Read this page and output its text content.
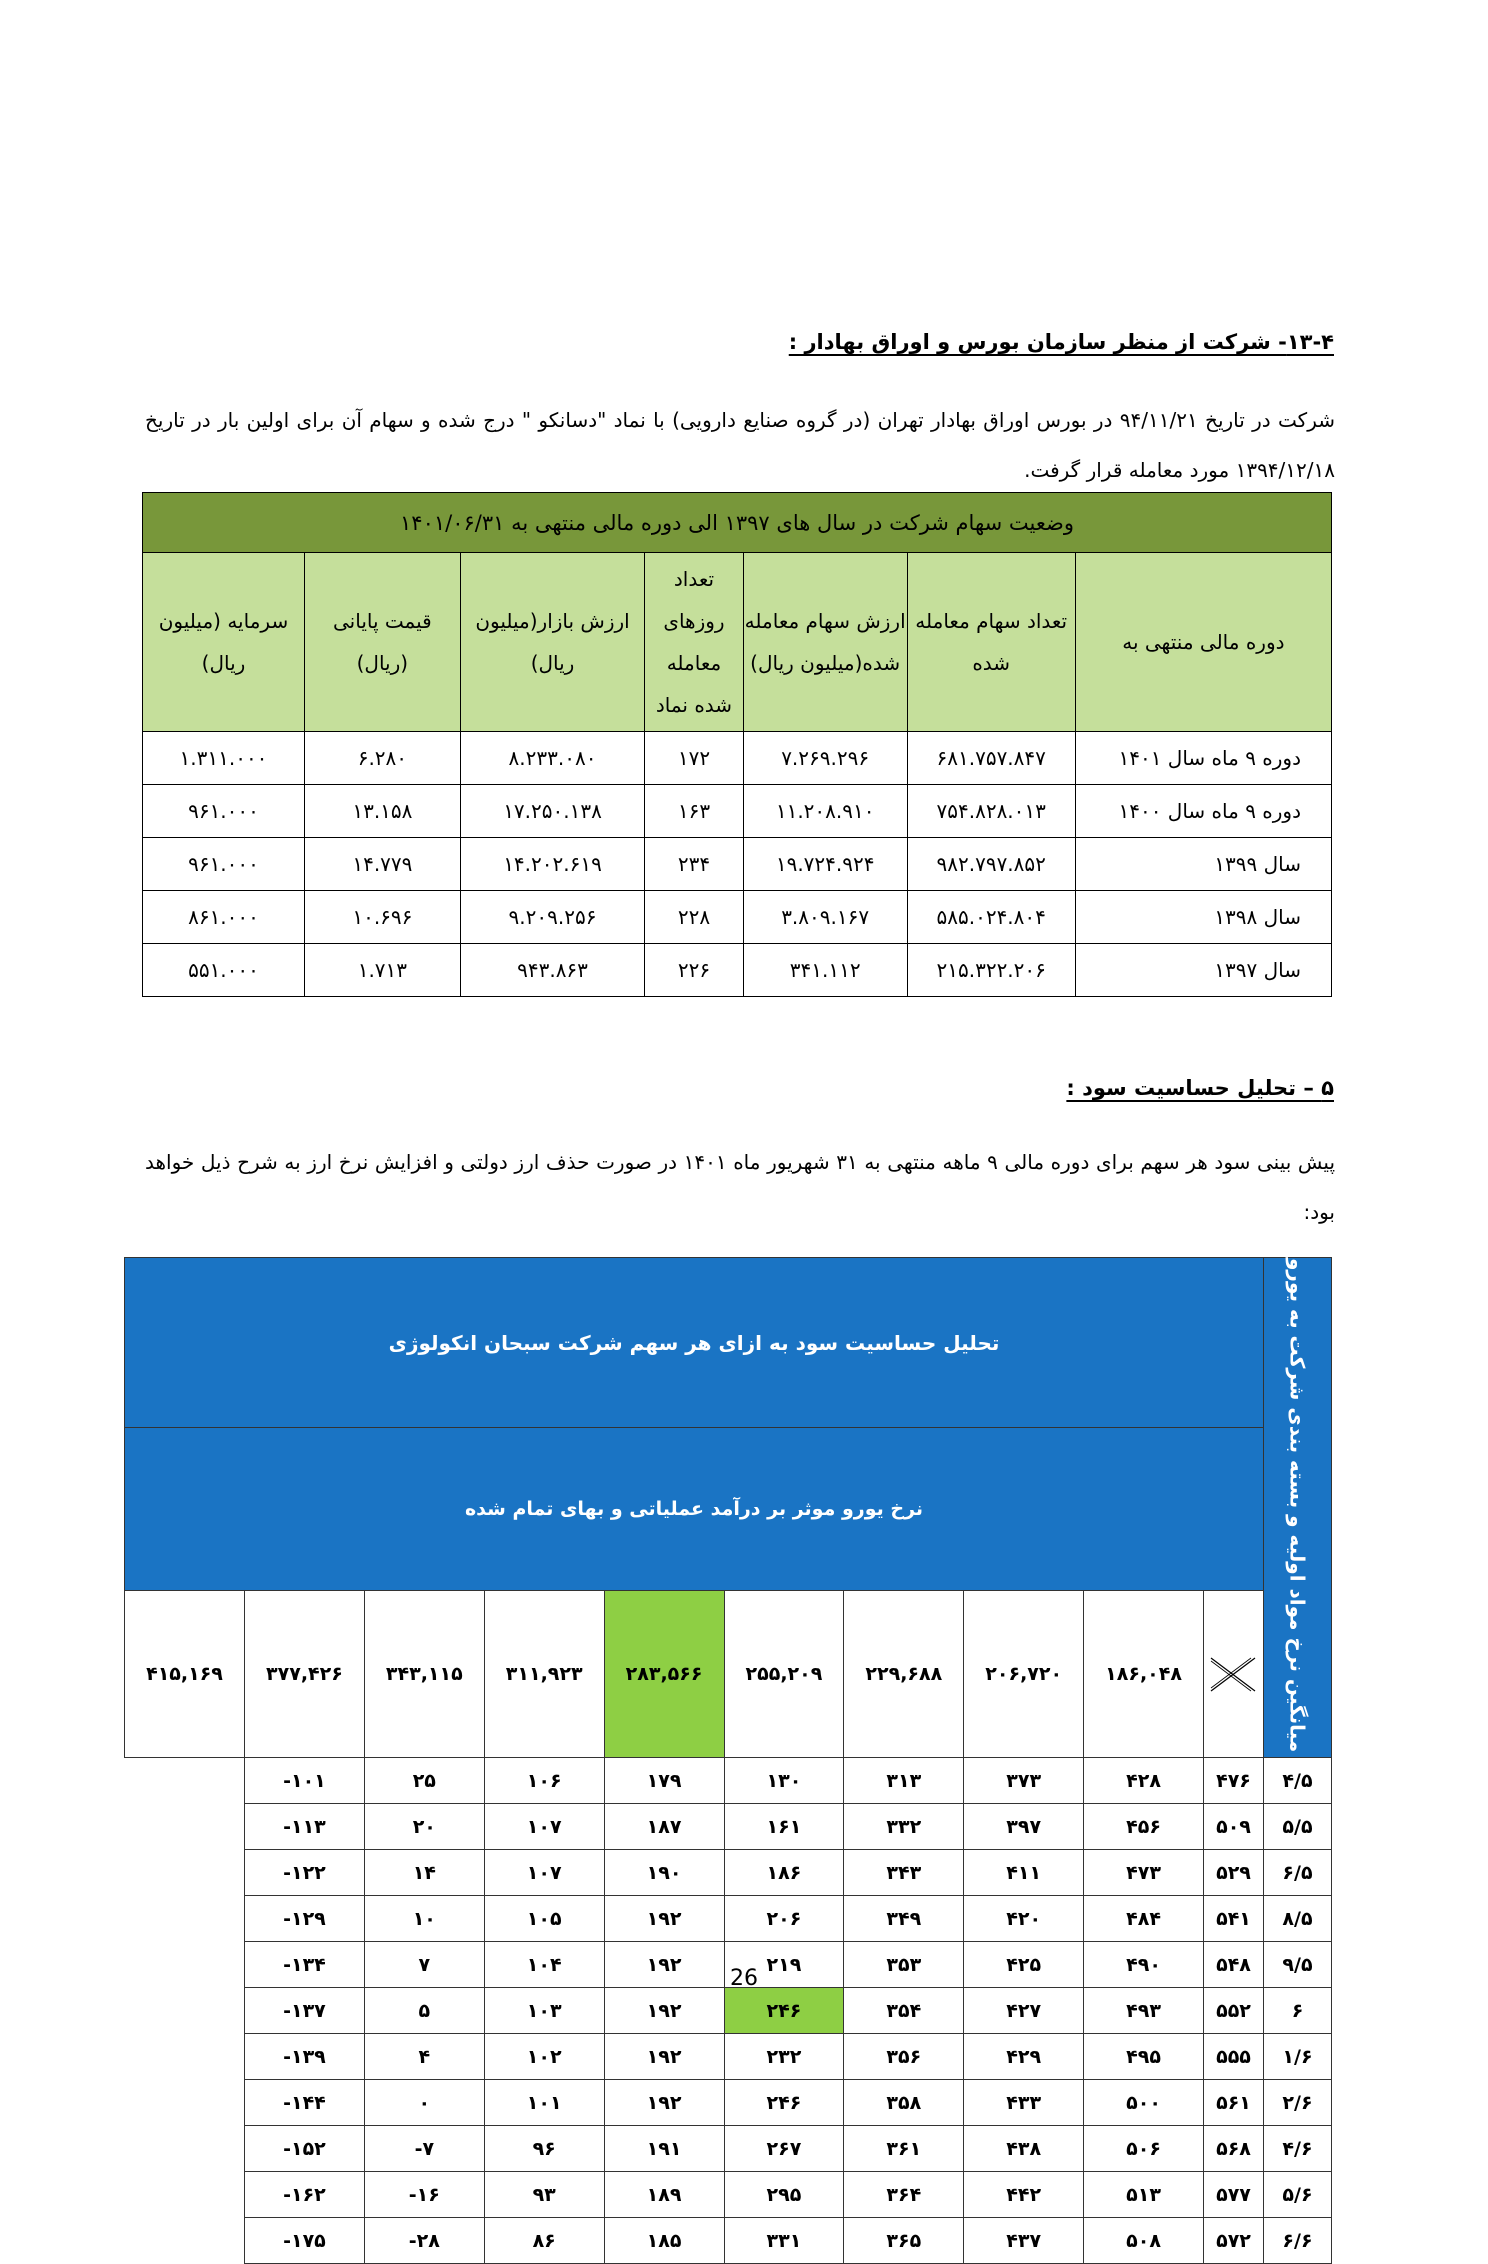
۱۳-۴- شرکت از منظر سازمان بورس و اوراق بهادار :
شرکت در تاریخ ۹۴/۱۱/۲۱ در بورس اوراق بهادار تهران (در گروه صنایع دارویی) با نماد "دسانکو " درج شده و سهام آن برای اولین بار در تاریخ ۱۳۹۴/۱۲/۱۸ مورد معامله قرار گرفت.
وضعیت سهام شرکت در سال های ۱۳۹۷ الی دوره مالی منتهی به ۱۴۰۱/۰۶/۳۱						
دوره مالی منتهی به	تعداد سهام معامله شده	ارزش سهام معامله شده(میلیون ریال)	تعداد روزهای معامله شده نماد	ارزش بازار(میلیون ریال)	قیمت پایانی (ریال)	سرمایه (میلیون ریال)
دوره ۹ ماه سال ۱۴۰۱	۶۸۱.۷۵۷.۸۴۷	۷.۲۶۹.۲۹۶	۱۷۲	۸.۲۳۳.۰۸۰	۶.۲۸۰	۱.۳۱۱.۰۰۰
دوره ۹ ماه سال ۱۴۰۰	۷۵۴.۸۲۸.۰۱۳	۱۱.۲۰۸.۹۱۰	۱۶۳	۱۷.۲۵۰.۱۳۸	۱۳.۱۵۸	۹۶۱.۰۰۰
سال ۱۳۹۹	۹۸۲.۷۹۷.۸۵۲	۱۹.۷۲۴.۹۲۴	۲۳۴	۱۴.۲۰۲.۶۱۹	۱۴.۷۷۹	۹۶۱.۰۰۰
سال ۱۳۹۸	۵۸۵.۰۲۴.۸۰۴	۳.۸۰۹.۱۶۷	۲۲۸	۹.۲۰۹.۲۵۶	۱۰.۶۹۶	۸۶۱.۰۰۰
سال ۱۳۹۷	۲۱۵.۳۲۲.۲۰۶	۳۴۱.۱۱۲	۲۲۶	۹۴۳.۸۶۳	۱.۷۱۳	۵۵۱.۰۰۰
۵ – تحلیل حساسیت سود :
پیش بینی سود هر سهم برای دوره مالی ۹ ماهه منتهی به ۳۱ شهریور ماه ۱۴۰۱ در صورت حذف ارز دولتی و افزایش نرخ ارز به شرح ذیل خواهد بود:
میانگین نرخ مواد اولیه و بسته بندی شرکت به یورو	تحلیل حساسیت سود به ازای هر سهم شرکت سبحان انکولوژی									
	نرخ یورو موثر بر درآمد عملیاتی و بهای تمام شده									

	۱۸۶,۰۴۸	۲۰۶,۷۲۰	۲۲۹,۶۸۸	۲۵۵,۲۰۹	۲۸۳,۵۶۶	۳۱۱,۹۲۳	۳۴۳,۱۱۵	۳۷۷,۴۲۶	۴۱۵,۱۶۹
۴/۵	۴۷۶	۴۲۸	۳۷۳	۳۱۳	۱۳۰	۱۷۹	۱۰۶	۲۵	۱۰۱-	
۵/۵	۵۰۹	۴۵۶	۳۹۷	۳۳۲	۱۶۱	۱۸۷	۱۰۷	۲۰	۱۱۳-	
۶/۵	۵۲۹	۴۷۳	۴۱۱	۳۴۳	۱۸۶	۱۹۰	۱۰۷	۱۴	۱۲۲-	
۸/۵	۵۴۱	۴۸۴	۴۲۰	۳۴۹	۲۰۶	۱۹۲	۱۰۵	۱۰	۱۲۹-	
۹/۵	۵۴۸	۴۹۰	۴۲۵	۳۵۳	۲۱۹	۱۹۲	۱۰۴	۷	۱۳۴-	
۶	۵۵۲	۴۹۳	۴۲۷	۳۵۴	۲۴۶	۱۹۲	۱۰۳	۵	۱۳۷-	
۱/۶	۵۵۵	۴۹۵	۴۲۹	۳۵۶	۲۳۲	۱۹۲	۱۰۲	۴	۱۳۹-	
۲/۶	۵۶۱	۵۰۰	۴۳۳	۳۵۸	۲۴۶	۱۹۲	۱۰۱	۰	۱۴۴-	
۴/۶	۵۶۸	۵۰۶	۴۳۸	۳۶۱	۲۶۷	۱۹۱	۹۶	۷-	۱۵۲-	
۵/۶	۵۷۷	۵۱۳	۴۴۲	۳۶۴	۲۹۵	۱۸۹	۹۳	۱۶-	۱۶۲-	
۶/۶	۵۷۲	۵۰۸	۴۳۷	۳۶۵	۳۳۱	۱۸۵	۸۶	۲۸-	۱۷۵-	
26
